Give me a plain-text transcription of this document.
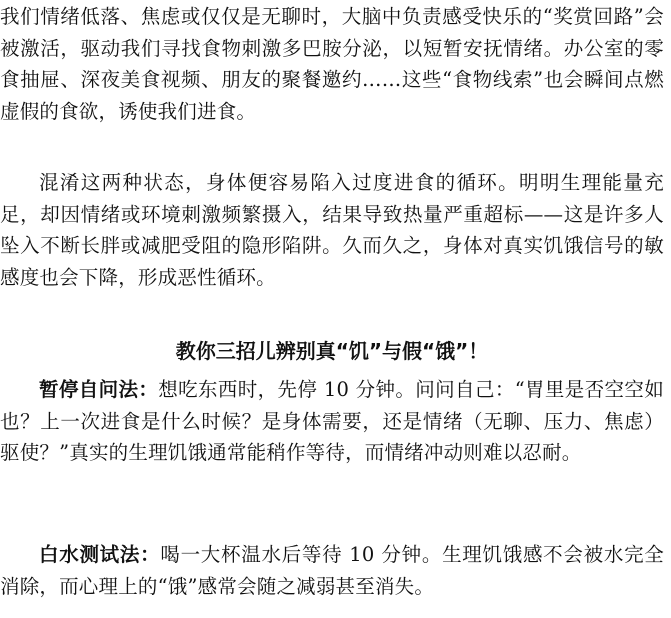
我们情绪低落、焦虑或仅仅是无聊时，大脑中负责感受快乐的“奖赏回路”会被激活，驱动我们寻找食物刺激多巴胺分泌，以短暂安抚情绪。办公室的零食抽屉、深夜美食视频、朋友的聚餐邀约……这些“食物线索”也会瞬间点燃虚假的食欲，诱使我们进食。

混淆这两种状态，身体便容易陷入过度进食的循环。明明生理能量充足，却因情绪或环境刺激频繁摄入，结果导致热量严重超标——这是许多人坠入不断长胖或减肥受阻的隐形陷阱。久而久之，身体对真实饥饿信号的敏感度也会下降，形成恶性循环。

教你三招儿辨别真“饥”与假“饿”！

暂停自问法：想吃东西时，先停 10 分钟。问问自己：“胃里是否空空如也？上一次进食是什么时候？是身体需要，还是情绪（无聊、压力、焦虑）驱使？”真实的生理饥饿通常能稍作等待，而情绪冲动则难以忍耐。

白水测试法：喝一大杯温水后等待 10 分钟。生理饥饿感不会被水完全消除，而心理上的“饿”感常会随之减弱甚至消失。
